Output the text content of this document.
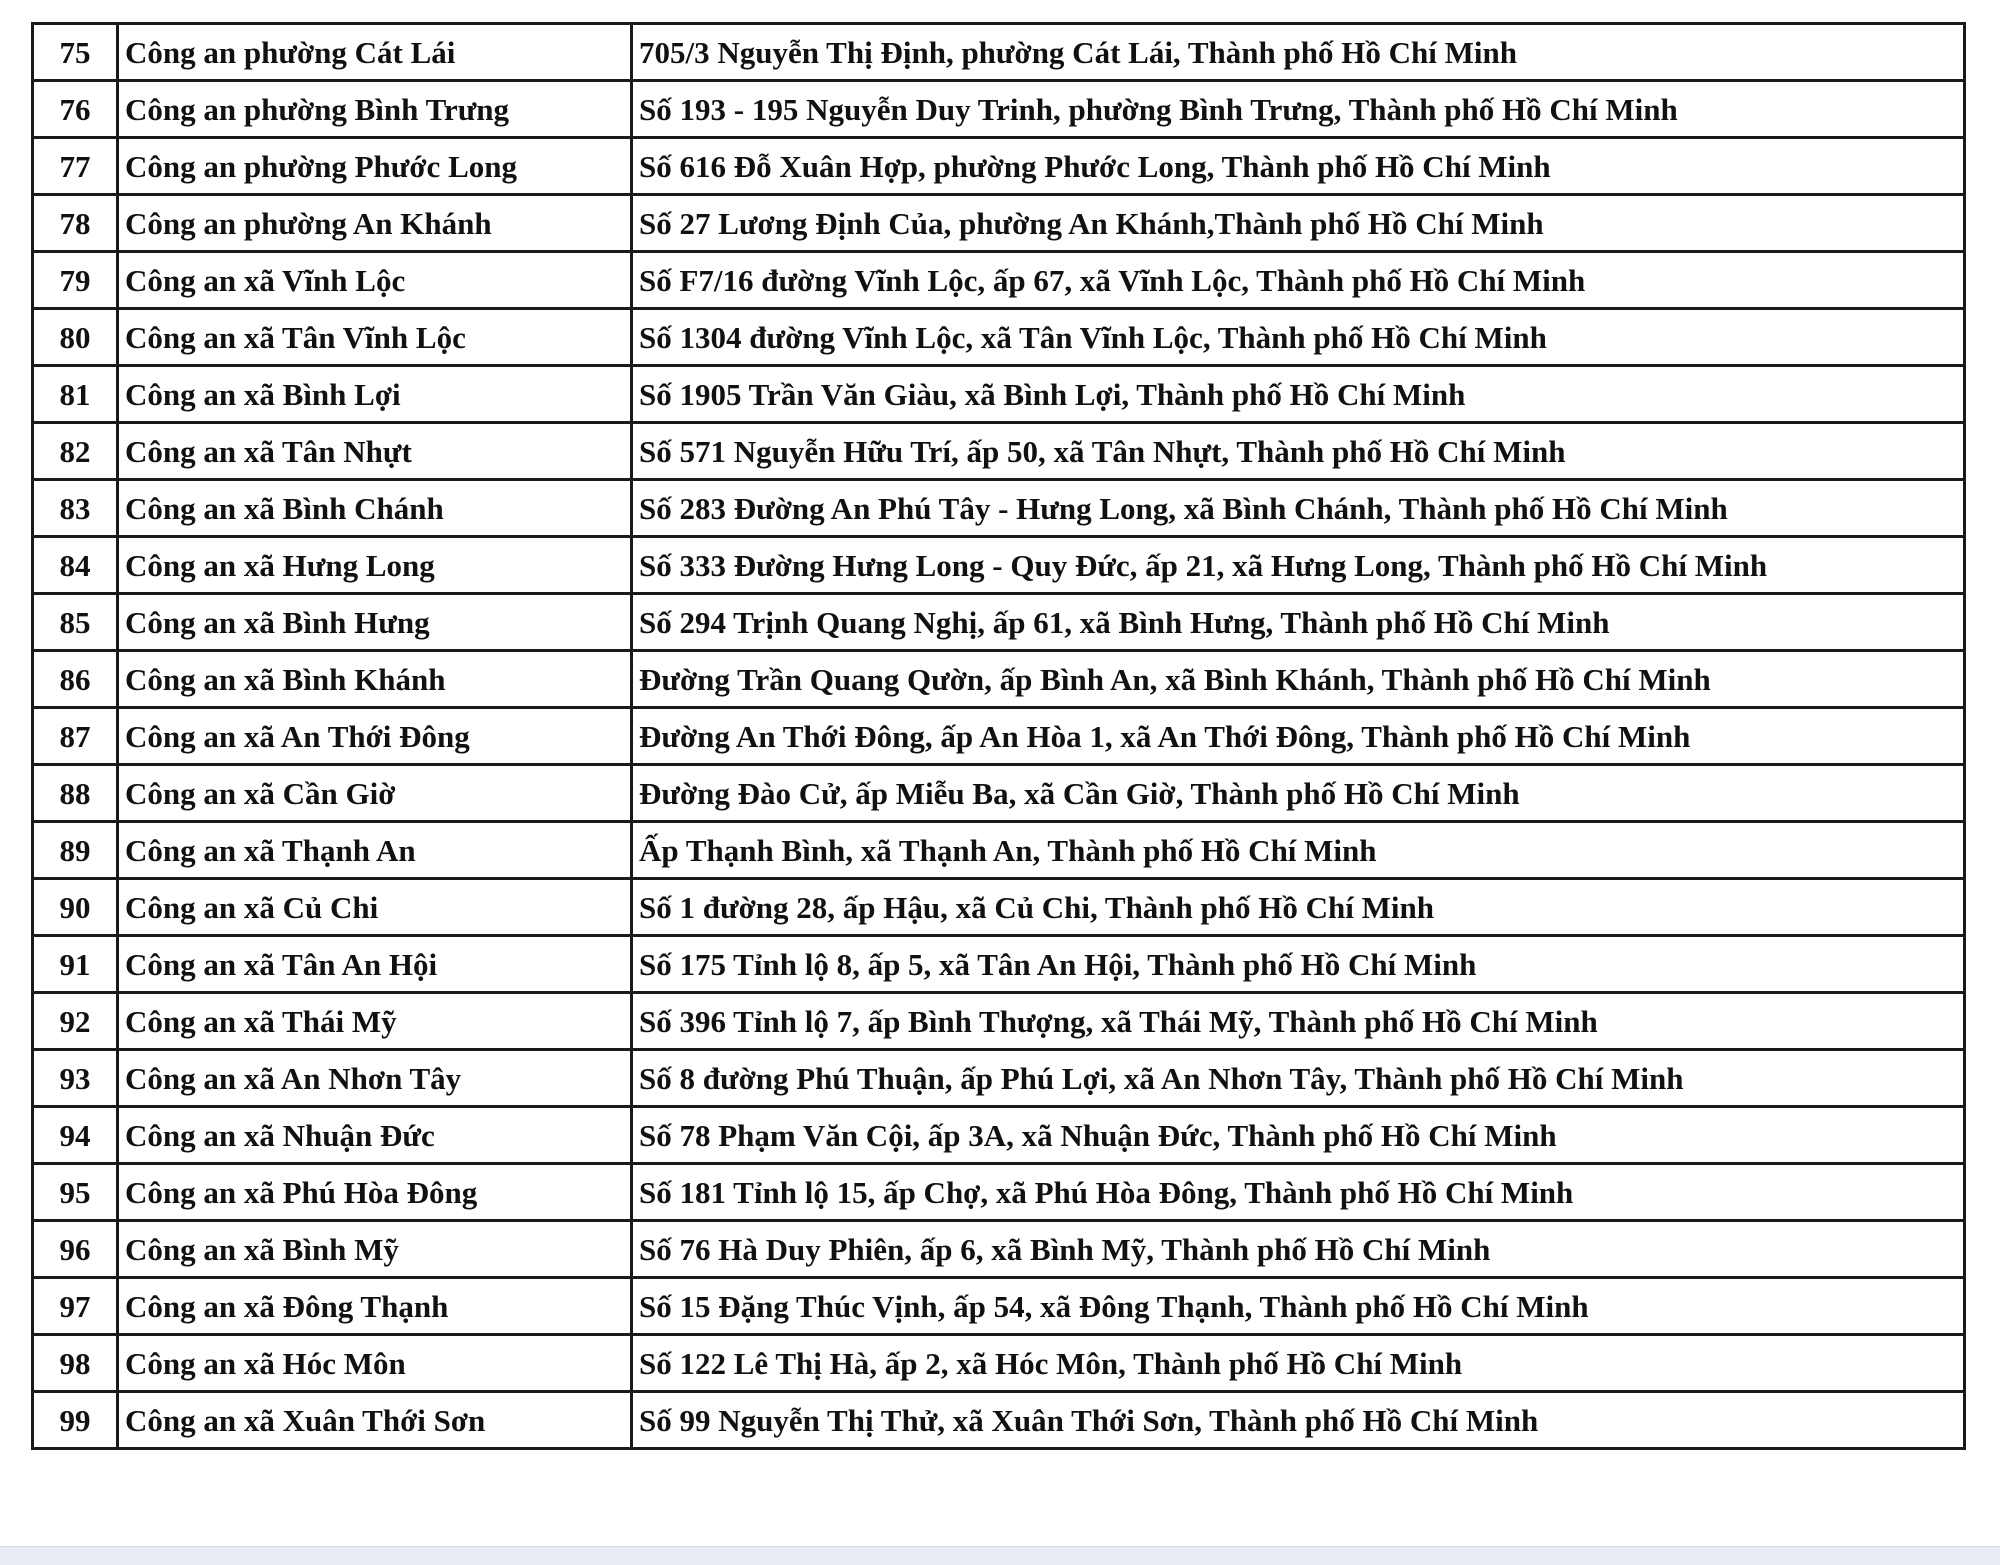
75	Công an phường Cát Lái	705/3 Nguyễn Thị Định, phường Cát Lái, Thành phố Hồ Chí Minh
76	Công an phường Bình Trưng	Số 193 - 195 Nguyễn Duy Trinh, phường Bình Trưng, Thành phố Hồ Chí Minh
77	Công an phường Phước Long	Số 616 Đỗ Xuân Hợp, phường Phước Long, Thành phố Hồ Chí Minh
78	Công an phường An Khánh	Số 27 Lương Định Của, phường An Khánh,Thành phố Hồ Chí Minh
79	Công an xã Vĩnh Lộc	Số F7/16 đường Vĩnh Lộc, ấp 67, xã Vĩnh Lộc, Thành phố Hồ Chí Minh
80	Công an xã Tân Vĩnh Lộc	Số 1304 đường Vĩnh Lộc, xã Tân Vĩnh Lộc, Thành phố Hồ Chí Minh
81	Công an xã Bình Lợi	Số 1905 Trần Văn Giàu, xã Bình Lợi, Thành phố Hồ Chí Minh
82	Công an xã Tân Nhựt	Số 571 Nguyễn Hữu Trí, ấp 50, xã Tân Nhựt, Thành phố Hồ Chí Minh
83	Công an xã Bình Chánh	Số 283 Đường An Phú Tây - Hưng Long, xã Bình Chánh, Thành phố Hồ Chí Minh
84	Công an xã Hưng Long	Số 333 Đường Hưng Long - Quy Đức, ấp 21, xã Hưng Long, Thành phố Hồ Chí Minh
85	Công an xã Bình Hưng	Số 294 Trịnh Quang Nghị, ấp 61, xã Bình Hưng, Thành phố Hồ Chí Minh
86	Công an xã Bình Khánh	Đường Trần Quang Qườn, ấp Bình An, xã Bình Khánh, Thành phố Hồ Chí Minh
87	Công an xã An Thới Đông	Đường An Thới Đông, ấp An Hòa 1, xã An Thới Đông, Thành phố Hồ Chí Minh
88	Công an xã Cần Giờ	Đường Đào Cử, ấp Miễu Ba, xã Cần Giờ, Thành phố Hồ Chí Minh
89	Công an xã Thạnh An	Ấp Thạnh Bình, xã Thạnh An, Thành phố Hồ Chí Minh
90	Công an xã Củ Chi	Số 1 đường 28, ấp Hậu, xã Củ Chi, Thành phố Hồ Chí Minh
91	Công an xã Tân An Hội	Số 175 Tỉnh lộ 8, ấp 5, xã Tân An Hội, Thành phố Hồ Chí Minh
92	Công an xã Thái Mỹ	Số 396 Tỉnh lộ 7, ấp Bình Thượng, xã Thái Mỹ, Thành phố Hồ Chí Minh
93	Công an xã An Nhơn Tây	Số 8 đường Phú Thuận, ấp Phú Lợi, xã An Nhơn Tây, Thành phố Hồ Chí Minh
94	Công an xã Nhuận Đức	Số 78 Phạm Văn Cội, ấp 3A, xã Nhuận Đức, Thành phố Hồ Chí Minh
95	Công an xã Phú Hòa Đông	Số 181 Tỉnh lộ 15, ấp Chợ, xã Phú Hòa Đông, Thành phố Hồ Chí Minh
96	Công an xã Bình Mỹ	Số 76 Hà Duy Phiên, ấp 6, xã Bình Mỹ, Thành phố Hồ Chí Minh
97	Công an xã Đông Thạnh	Số 15 Đặng Thúc Vịnh, ấp 54, xã Đông Thạnh, Thành phố Hồ Chí Minh
98	Công an xã Hóc Môn	Số 122 Lê Thị Hà, ấp 2, xã Hóc Môn, Thành phố Hồ Chí Minh
99	Công an xã Xuân Thới Sơn	Số 99 Nguyễn Thị Thử, xã Xuân Thới Sơn, Thành phố Hồ Chí Minh
